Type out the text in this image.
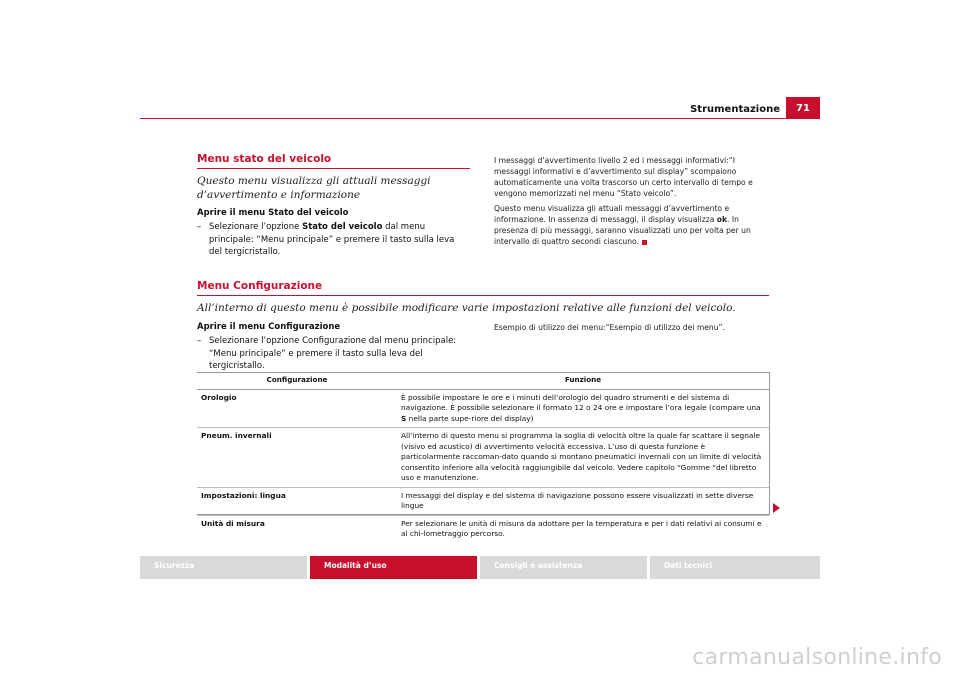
Strumentazione	71
Menu stato del veicolo
Questo menu visualizza gli attuali messaggi d’avvertimento e informazione
Aprire il menu Stato del veicolo
– Selezionare l’opzione Stato del veicolo dal menu principale: “Menu principale” e premere il tasto sulla leva del tergicristallo.
I messaggi d’avvertimento livello 2 ed i messaggi informativi:“I messaggi informativi e d’avvertimento sul display” scompaiono automaticamente una volta trascorso un certo intervallo di tempo e vengono memorizzati nel menu “Stato veicolo”.
Questo menu visualizza gli attuali messaggi d’avvertimento e informazione. In assenza di messaggi, il display visualizza ok. In presenza di più messaggi, saranno visualizzati uno per volta per un intervallo di quattro secondi ciascuno.
Menu Configurazione
All’interno di questo menu è possibile modificare varie impostazioni relative alle funzioni del veicolo.
Aprire il menu Configurazione
– Selezionare l’opzione Configurazione dal menu principale: “Menu principale” e premere il tasto sulla leva del tergicristallo.
Esempio di utilizzo dei menu:“Esempio di utilizzo dei menu”.
Configurazione	Funzione
Orologio	È possibile impostare le ore e i minuti dell’orologio del quadro strumenti e del sistema di navigazione. È possibile selezionare il formato 12 o 24 ore e impostare l’ora legale (compare una S nella parte supe-riore del display)
Pneum. invernali	All’interno di questo menu si programma la soglia di velocità oltre la quale far scattare il segnale (visivo ed acustico) di avvertimento velocità eccessiva. L’uso di questa funzione è particolarmente raccoman-dato quando si montano pneumatici invernali con un limite di velocità consentito inferiore alla velocità raggiungibile dal veicolo. Vedere capitolo “Gomme “del libretto uso e manutenzione.
Impostazioni: lingua	I messaggi del display e del sistema di navigazione possono essere visualizzati in sette diverse lingue
Unità di misura	Per selezionare le unità di misura da adottare per la temperatura e per i dati relativi ai consumi e al chi-lometraggio percorso.
Sicurezza	Modalità d’uso	Consigli e assistenza	Dati tecnici
carmanualsonline.info
